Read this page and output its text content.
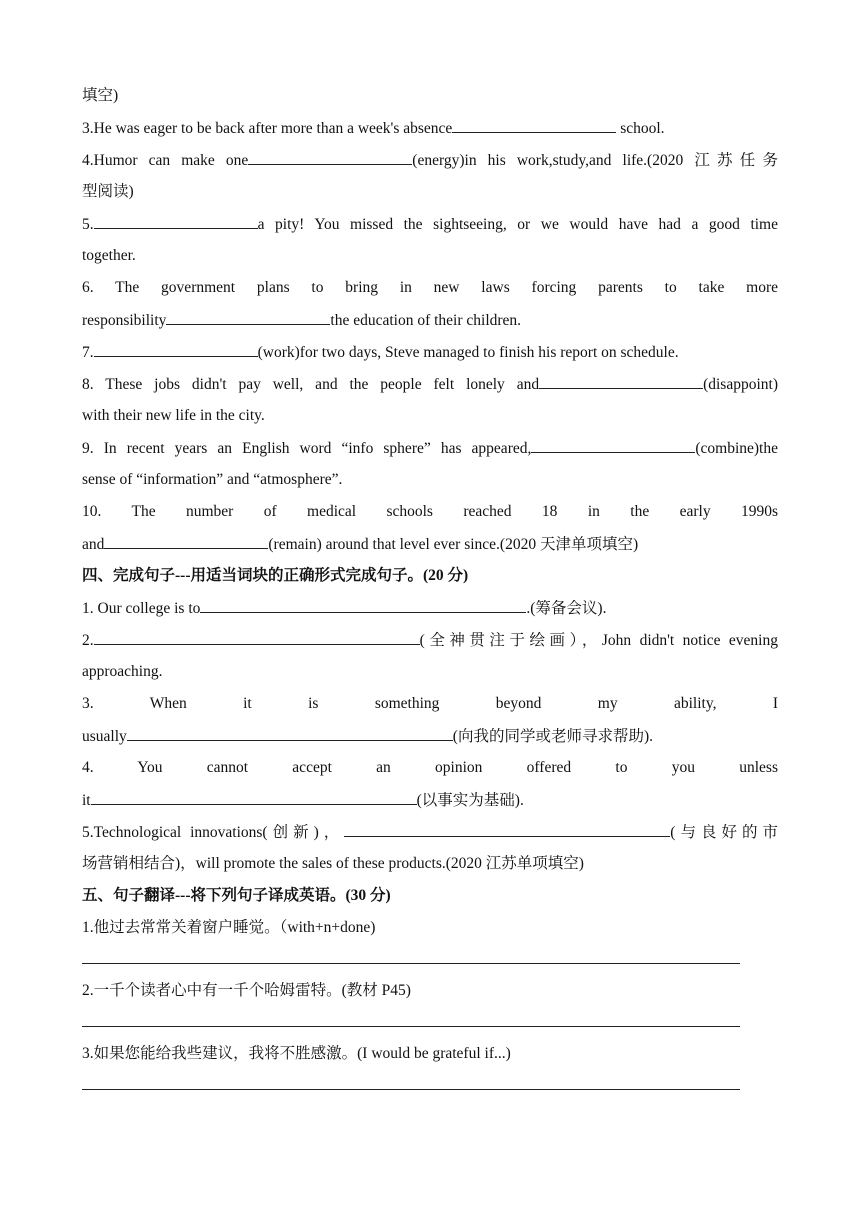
填空)
3.He was eager to be back after more than a week's absence	school.
4.Humor can make one	(energy)in his work,study,and life.(2020 江苏任务
型阅读)
5.	a pity! You missed the sightseeing, or we would have had a good time
together.
6. The government plans to bring in new laws forcing parents to take more
responsibility	the education of their children.
7.	(work)for two days, Steve managed to finish his report on schedule.
8. These jobs didn't pay well, and the people felt lonely and	(disappoint)
with their new life in the city.
9. In recent years an English word “info sphere” has appeared,	(combine)the
sense of “information” and “atmosphere”.
10. The number of medical schools reached 18 in the early 1990s
and	(remain) around that level ever since.(2020 天津单项填空)
四、完成句子---用适当词块的正确形式完成句子。(20 分)
1. Our college is to	.(筹备会议).
2.	(全神贯注于绘画），John didn't notice evening
approaching.
3. When it is something beyond my ability, I
usually	(向我的同学或老师寻求帮助).
4. You cannot accept an opinion offered to you unless
it	(以事实为基础).
5.Technological innovations(创新)，	(与良好的市
场营销相结合)，will promote the sales of these products.(2020 江苏单项填空)
五、句子翻译---将下列句子译成英语。(30 分)
1.他过去常常关着窗户睡觉。（with+n+done)
2.一千个读者心中有一千个哈姆雷特。(教材 P45)
3.如果您能给我些建议，我将不胜感激。(I would be grateful if...)
